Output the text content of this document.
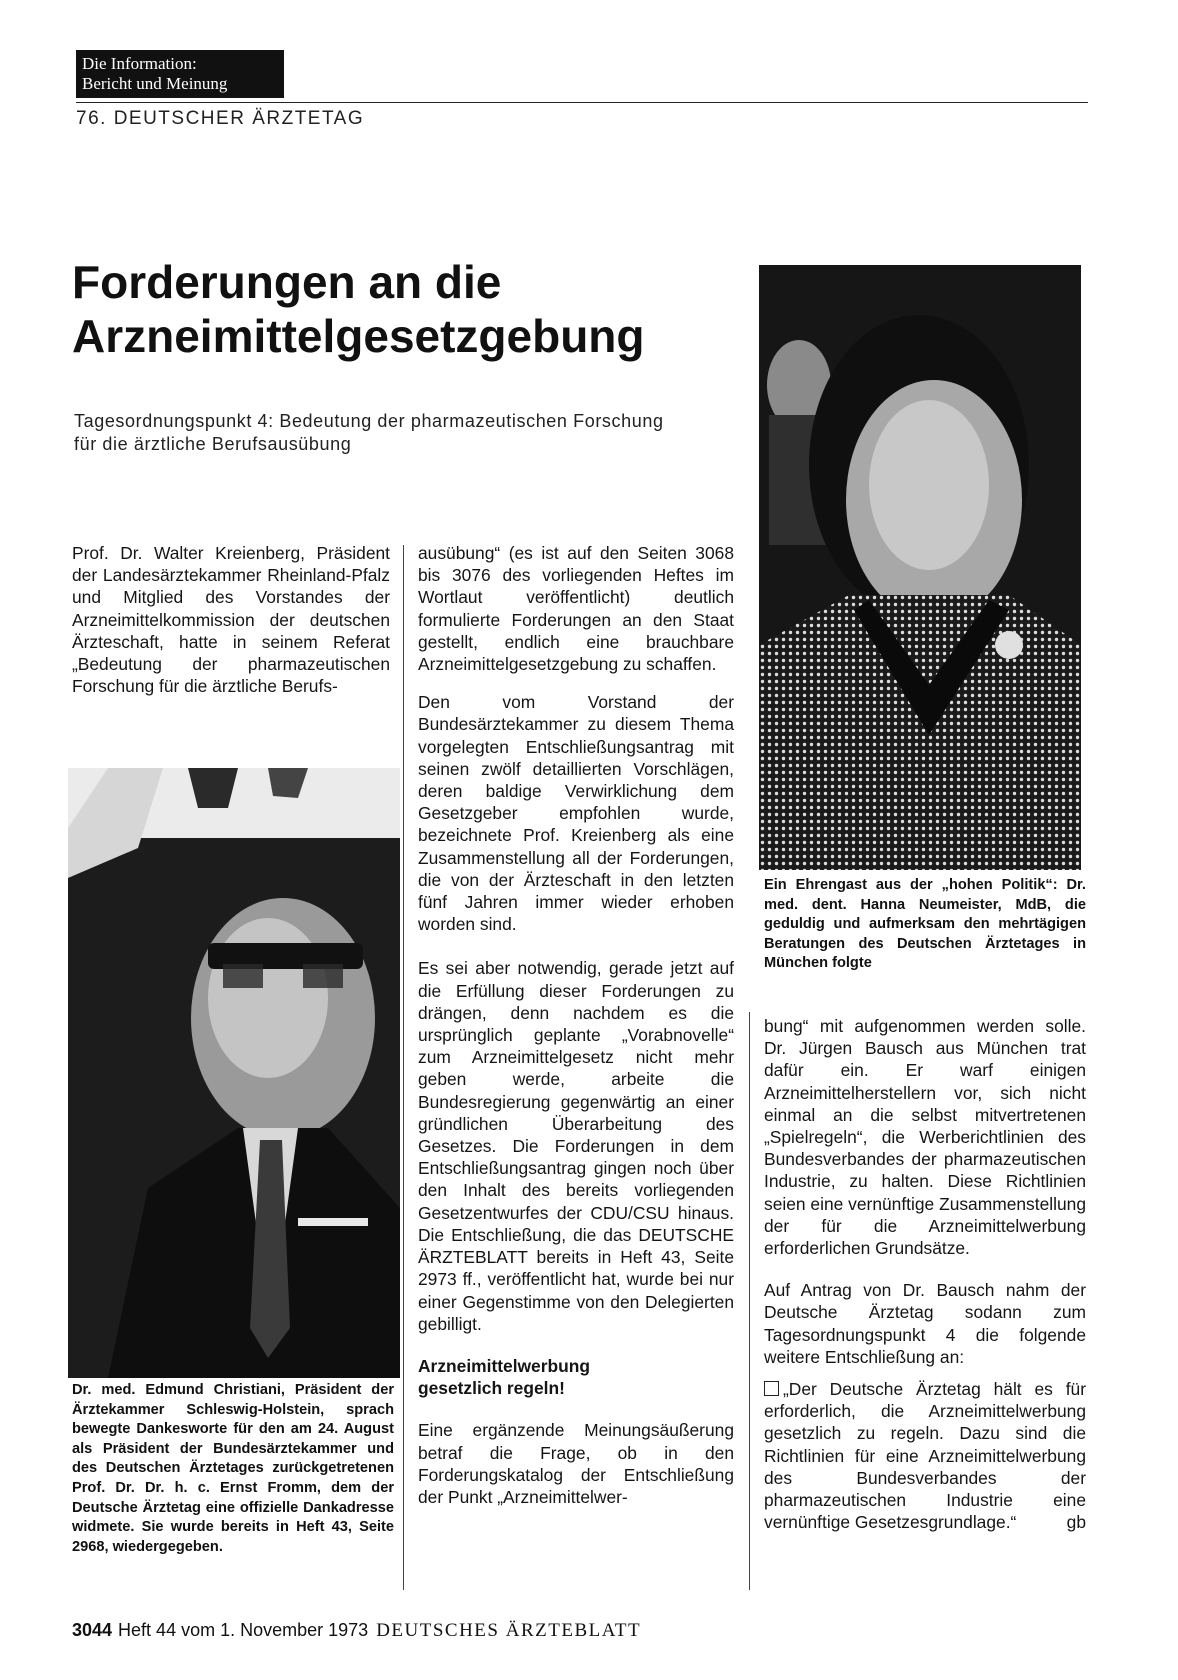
Die Information:
Bericht und Meinung
76. DEUTSCHER ÄRZTETAG
Forderungen an die
Arzneimittelgesetzgebung
Tagesordnungspunkt 4: Bedeutung der pharmazeutischen Forschung
für die ärztliche Berufsausübung

Prof. Dr. Walter Kreienberg, Präsident der Landesärztekammer Rheinland-Pfalz und Mitglied des Vorstandes der Arzneimittelkommission der deutschen Ärzteschaft, hatte in seinem Referat „Bedeutung der pharmazeutischen Forschung für die ärztliche Berufs-

ausübung“ (es ist auf den Seiten 3068 bis 3076 des vorliegenden Heftes im Wortlaut veröffentlicht) deutlich formulierte Forderungen an den Staat gestellt, endlich eine brauchbare Arzneimittelgesetzgebung zu schaffen.

Den vom Vorstand der Bundesärztekammer zu diesem Thema vorgelegten Entschließungsantrag mit seinen zwölf detaillierten Vorschlägen, deren baldige Verwirklichung dem Gesetzgeber empfohlen wurde, bezeichnete Prof. Kreienberg als eine Zusammenstellung all der Forderungen, die von der Ärzteschaft in den letzten fünf Jahren immer wieder erhoben worden sind.

Es sei aber notwendig, gerade jetzt auf die Erfüllung dieser Forderungen zu drängen, denn nachdem es die ursprünglich geplante „Vorabnovelle“ zum Arzneimittelgesetz nicht mehr geben werde, arbeite die Bundesregierung gegenwärtig an einer gründlichen Überarbeitung des Gesetzes. Die Forderungen in dem Entschließungsantrag gingen noch über den Inhalt des bereits vorliegenden Gesetzentwurfes der CDU/CSU hinaus. Die Entschließung, die das DEUTSCHE ÄRZTEBLATT bereits in Heft 43, Seite 2973 ff., veröffentlicht hat, wurde bei nur einer Gegenstimme von den Delegierten gebilligt.

Arzneimittelwerbung
gesetzlich regeln!

Eine ergänzende Meinungsäußerung betraf die Frage, ob in den Forderungskatalog der Entschließung der Punkt „Arzneimittelwer-

bung“ mit aufgenommen werden solle. Dr. Jürgen Bausch aus München trat dafür ein. Er warf einigen Arzneimittelherstellern vor, sich nicht einmal an die selbst mitvertretenen „Spielregeln“, die Werberichtlinien des Bundesverbandes der pharmazeutischen Industrie, zu halten. Diese Richtlinien seien eine vernünftige Zusammenstellung der für die Arzneimittelwerbung erforderlichen Grundsätze.

Auf Antrag von Dr. Bausch nahm der Deutsche Ärztetag sodann zum Tagesordnungspunkt 4 die folgende weitere Entschließung an:

„Der Deutsche Ärztetag hält es für erforderlich, die Arzneimittelwerbung gesetzlich zu regeln. Dazu sind die Richtlinien für eine Arzneimittelwerbung des Bundesverbandes der pharmazeutischen Industrie eine vernünftige Gesetzesgrundlage.“	gb

Dr. med. Edmund Christiani, Präsident der Ärztekammer Schleswig-Holstein, sprach bewegte Dankesworte für den am 24. August als Präsident der Bundesärztekammer und des Deutschen Ärztetages zurückgetretenen Prof. Dr. Dr. h. c. Ernst Fromm, dem der Deutsche Ärztetag eine offizielle Dankadresse widmete. Sie wurde bereits in Heft 43, Seite 2968, wiedergegeben.
Ein Ehrengast aus der „hohen Politik“: Dr. med. dent. Hanna Neumeister, MdB, die geduldig und aufmerksam den mehrtägigen Beratungen des Deutschen Ärztetages in München folgte
3044 Heft 44 vom 1. November 1973 DEUTSCHES ÄRZTEBLATT
